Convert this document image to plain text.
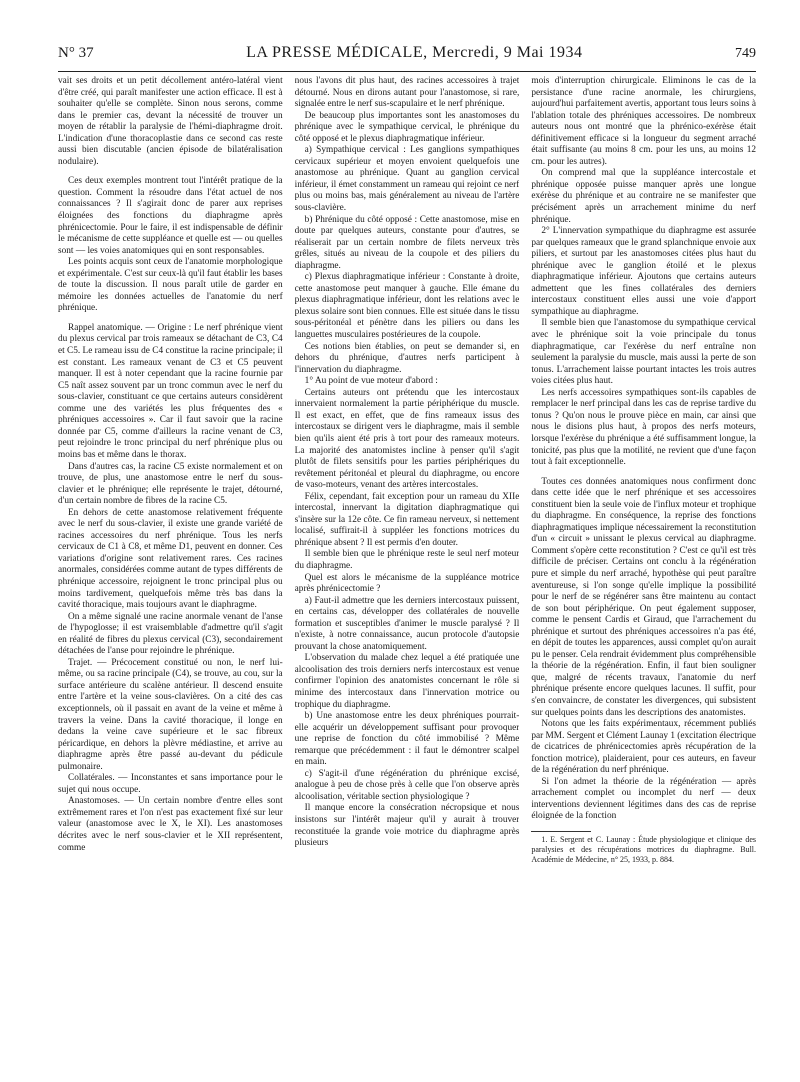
N° 37	LA PRESSE MÉDICALE, Mercredi, 9 Mai 1934	749

vait ses droits et un petit décollement antéro-latéral vient d'être créé, qui paraît manifester une action efficace. Il est à souhaiter qu'elle se complète. Sinon nous serons, comme dans le premier cas, devant la nécessité de trouver un moyen de rétablir la paralysie de l'hémi-diaphragme droit. L'indication d'une thoracoplastie dans ce second cas reste aussi bien discutable (ancien épisode de bilatéralisation nodulaire).

Ces deux exemples montrent tout l'intérêt pratique de la question. Comment la résoudre dans l'état actuel de nos connaissances ? Il s'agirait donc de parer aux reprises éloignées des fonctions du diaphragme après phrénicectomie. Pour le faire, il est indispensable de définir le mécanisme de cette suppléance et quelle est — ou quelles sont — les voies anatomiques qui en sont responsables.

Les points acquis sont ceux de l'anatomie morphologique et expérimentale. C'est sur ceux-là qu'il faut établir les bases de toute la discussion. Il nous paraît utile de garder en mémoire les données actuelles de l'anatomie du nerf phrénique.

Rappel anatomique. — Origine : Le nerf phrénique vient du plexus cervical par trois rameaux se détachant de C3, C4 et C5. Le rameau issu de C4 constitue la racine principale; il est constant. Les rameaux venant de C3 et C5 peuvent manquer. Il est à noter cependant que la racine fournie par C5 naît assez souvent par un tronc commun avec le nerf du sous-clavier, constituant ce que certains auteurs considèrent comme une des variétés les plus fréquentes des « phréniques accessoires ». Car il faut savoir que la racine donnée par C5, comme d'ailleurs la racine venant de C3, peut rejoindre le tronc principal du nerf phrénique plus ou moins bas et même dans le thorax.

Dans d'autres cas, la racine C5 existe normalement et on trouve, de plus, une anastomose entre le nerf du sous-clavier et le phrénique; elle représente le trajet, détourné, d'un certain nombre de fibres de la racine C5.

En dehors de cette anastomose relativement fréquente avec le nerf du sous-clavier, il existe une grande variété de racines accessoires du nerf phrénique. Tous les nerfs cervicaux de C1 à C8, et même D1, peuvent en donner. Ces variations d'origine sont relativement rares. Ces racines anormales, considérées comme autant de types différents de phrénique accessoire, rejoignent le tronc principal plus ou moins tardivement, quelquefois même très bas dans la cavité thoracique, mais toujours avant le diaphragme.

On a même signalé une racine anormale venant de l'anse de l'hypoglosse; il est vraisemblable d'admettre qu'il s'agit en réalité de fibres du plexus cervical (C3), secondairement détachées de l'anse pour rejoindre le phrénique.

Trajet. — Précocement constitué ou non, le nerf lui-même, ou sa racine principale (C4), se trouve, au cou, sur la surface antérieure du scalène antérieur. Il descend ensuite entre l'artère et la veine sous-clavières. On a cité des cas exceptionnels, où il passait en avant de la veine et même à travers la veine. Dans la cavité thoracique, il longe en dedans la veine cave supérieure et le sac fibreux péricardique, en dehors la plèvre médiastine, et arrive au diaphragme après être passé au-devant du pédicule pulmonaire.

Collatérales. — Inconstantes et sans importance pour le sujet qui nous occupe.

Anastomoses. — Un certain nombre d'entre elles sont extrêmement rares et l'on n'est pas exactement fixé sur leur valeur (anastomose avec le X, le XI). Les anastomoses décrites avec le nerf sous-clavier et le XII représentent, comme

nous l'avons dit plus haut, des racines accessoires à trajet détourné. Nous en dirons autant pour l'anastomose, si rare, signalée entre le nerf sus-scapulaire et le nerf phrénique.

De beaucoup plus importantes sont les anastomoses du phrénique avec le sympathique cervical, le phrénique du côté opposé et le plexus diaphragmatique inférieur.

a) Sympathique cervical : Les ganglions sympathiques cervicaux supérieur et moyen envoient quelquefois une anastomose au phrénique. Quant au ganglion cervical inférieur, il émet constamment un rameau qui rejoint ce nerf plus ou moins bas, mais généralement au niveau de l'artère sous-clavière.

b) Phrénique du côté opposé : Cette anastomose, mise en doute par quelques auteurs, constante pour d'autres, se réaliserait par un certain nombre de filets nerveux très grêles, situés au niveau de la coupole et des piliers du diaphragme.

c) Plexus diaphragmatique inférieur : Constante à droite, cette anastomose peut manquer à gauche. Elle émane du plexus diaphragmatique inférieur, dont les relations avec le plexus solaire sont bien connues. Elle est située dans le tissu sous-péritonéal et pénètre dans les piliers ou dans les languettes musculaires postérieures de la coupole.

Ces notions bien établies, on peut se demander si, en dehors du phrénique, d'autres nerfs participent à l'innervation du diaphragme.

1° Au point de vue moteur d'abord :

Certains auteurs ont prétendu que les intercostaux innervaient normalement la partie périphérique du muscle. Il est exact, en effet, que de fins rameaux issus des intercostaux se dirigent vers le diaphragme, mais il semble bien qu'ils aient été pris à tort pour des rameaux moteurs. La majorité des anatomistes incline à penser qu'il s'agit plutôt de filets sensitifs pour les parties périphériques du revêtement péritonéal et pleural du diaphragme, ou encore de vaso-moteurs, venant des artères intercostales.

Félix, cependant, fait exception pour un rameau du XIIe intercostal, innervant la digitation diaphragmatique qui s'insère sur la 12e côte. Ce fin rameau nerveux, si nettement localisé, suffirait-il à suppléer les fonctions motrices du phrénique absent ? Il est permis d'en douter.

Il semble bien que le phrénique reste le seul nerf moteur du diaphragme.

Quel est alors le mécanisme de la suppléance motrice après phrénicectomie ?

a) Faut-il admettre que les derniers intercostaux puissent, en certains cas, développer des collatérales de nouvelle formation et susceptibles d'animer le muscle paralysé ? Il n'existe, à notre connaissance, aucun protocole d'autopsie prouvant la chose anatomiquement.

L'observation du malade chez lequel a été pratiquée une alcoolisation des trois derniers nerfs intercostaux est venue confirmer l'opinion des anatomistes concernant le rôle si minime des intercostaux dans l'innervation motrice ou trophique du diaphragme.

b) Une anastomose entre les deux phréniques pourrait-elle acquérir un développement suffisant pour provoquer une reprise de fonction du côté immobilisé ? Même remarque que précédemment : il faut le démontrer scalpel en main.

c) S'agit-il d'une régénération du phrénique excisé, analogue à peu de chose près à celle que l'on observe après alcoolisation, véritable section physiologique ?

Il manque encore la consécration nécropsique et nous insistons sur l'intérêt majeur qu'il y aurait à trouver reconstituée la grande voie motrice du diaphragme après plusieurs

mois d'interruption chirurgicale. Éliminons le cas de la persistance d'une racine anormale, les chirurgiens, aujourd'hui parfaitement avertis, apportant tous leurs soins à l'ablation totale des phréniques accessoires. De nombreux auteurs nous ont montré que la phrénico-exérèse était définitivement efficace si la longueur du segment arraché était suffisante (au moins 8 cm. pour les uns, au moins 12 cm. pour les autres).

On comprend mal que la suppléance intercostale et phrénique opposée puisse manquer après une longue exérèse du phrénique et au contraire ne se manifester que précisément après un arrachement minime du nerf phrénique.

2° L'innervation sympathique du diaphragme est assurée par quelques rameaux que le grand splanchnique envoie aux piliers, et surtout par les anastomoses citées plus haut du phrénique avec le ganglion étoilé et le plexus diaphragmatique inférieur. Ajoutons que certains auteurs admettent que les fines collatérales des derniers intercostaux constituent elles aussi une voie d'apport sympathique au diaphragme.

Il semble bien que l'anastomose du sympathique cervical avec le phrénique soit la voie principale du tonus diaphragmatique, car l'exérèse du nerf entraîne non seulement la paralysie du muscle, mais aussi la perte de son tonus. L'arrachement laisse pourtant intactes les trois autres voies citées plus haut.

Les nerfs accessoires sympathiques sont-ils capables de remplacer le nerf principal dans les cas de reprise tardive du tonus ? Qu'on nous le prouve pièce en main, car ainsi que nous le disions plus haut, à propos des nerfs moteurs, lorsque l'exérèse du phrénique a été suffisamment longue, la tonicité, pas plus que la motilité, ne revient que d'une façon tout à fait exceptionnelle.

Toutes ces données anatomiques nous confirment donc dans cette idée que le nerf phrénique et ses accessoires constituent bien la seule voie de l'influx moteur et trophique du diaphragme. En conséquence, la reprise des fonctions diaphragmatiques implique nécessairement la reconstitution d'un « circuit » unissant le plexus cervical au diaphragme. Comment s'opère cette reconstitution ? C'est ce qu'il est très difficile de préciser. Certains ont conclu à la régénération pure et simple du nerf arraché, hypothèse qui peut paraître aventureuse, si l'on songe qu'elle implique la possibilité pour le nerf de se régénérer sans être maintenu au contact de son bout périphérique. On peut également supposer, comme le pensent Cardis et Giraud, que l'arrachement du phrénique et surtout des phréniques accessoires n'a pas été, en dépit de toutes les apparences, aussi complet qu'on aurait pu le penser. Cela rendrait évidemment plus compréhensible la théorie de la régénération. Enfin, il faut bien souligner que, malgré de récents travaux, l'anatomie du nerf phrénique présente encore quelques lacunes. Il suffit, pour s'en convaincre, de constater les divergences, qui subsistent sur quelques points dans les descriptions des anatomistes.

Notons que les faits expérimentaux, récemment publiés par MM. Sergent et Clément Launay 1 (excitation électrique de cicatrices de phrénicectomies après récupération de la fonction motrice), plaideraient, pour ces auteurs, en faveur de la régénération du nerf phrénique.

Si l'on admet la théorie de la régénération — après arrachement complet ou incomplet du nerf — deux interventions deviennent légitimes dans des cas de reprise éloignée de la fonction

1. E. Sergent et C. Launay : Étude physiologique et clinique des paralysies et des récupérations motrices du diaphragme. Bull. Académie de Médecine, n° 25, 1933, p. 884.
